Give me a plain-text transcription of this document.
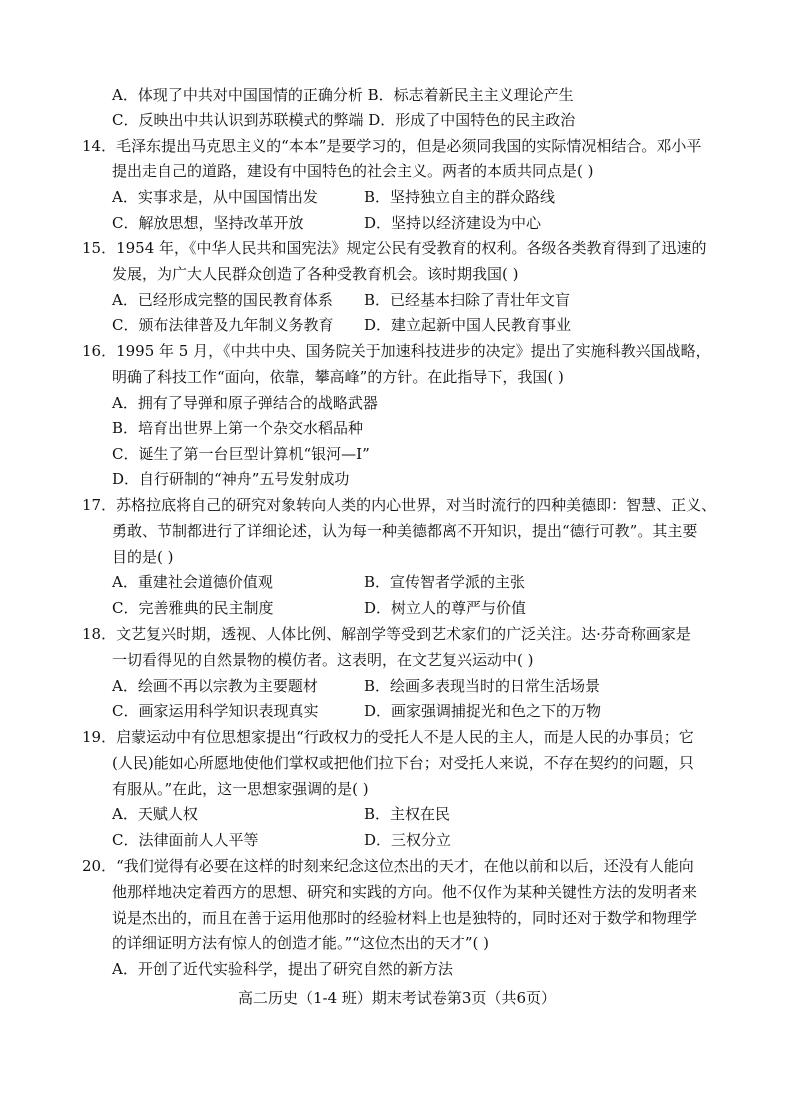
A．体现了中共对中国国情的正确分析 B．标志着新民主主义理论产生
C．反映出中共认识到苏联模式的弊端 D．形成了中国特色的民主政治
14．毛泽东提出马克思主义的“本本”是要学习的，但是必须同我国的实际情况相结合。邓小平
提出走自己的道路，建设有中国特色的社会主义。两者的本质共同点是( )
A．实事求是，从中国国情出发	B．坚持独立自主的群众路线
C．解放思想，坚持改革开放	D．坚持以经济建设为中心
15．1954 年，《中华人民共和国宪法》规定公民有受教育的权利。各级各类教育得到了迅速的
发展，为广大人民群众创造了各种受教育机会。该时期我国( )
A．已经形成完整的国民教育体系 B．已经基本扫除了青壮年文盲
C．颁布法律普及九年制义务教育 D．建立起新中国人民教育事业
16．1995 年 5 月，《中共中央、国务院关于加速科技进步的决定》提出了实施科教兴国战略，
明确了科技工作“面向，依靠，攀高峰”的方针。在此指导下，我国( )
A．拥有了导弹和原子弹结合的战略武器
B．培育出世界上第一个杂交水稻品种
C．诞生了第一台巨型计算机“银河—I”
D．自行研制的“神舟”五号发射成功
17．苏格拉底将自己的研究对象转向人类的内心世界，对当时流行的四种美德即：智慧、正义、
勇敢、节制都进行了详细论述，认为每一种美德都离不开知识，提出“德行可教”。其主要
目的是( )
A．重建社会道德价值观	B．宣传智者学派的主张
C．完善雅典的民主制度	D．树立人的尊严与价值
18．文艺复兴时期，透视、人体比例、解剖学等受到艺术家们的广泛关注。达·芬奇称画家是
一切看得见的自然景物的模仿者。这表明，在文艺复兴运动中( )
A．绘画不再以宗教为主要题材	B．绘画多表现当时的日常生活场景
C．画家运用科学知识表现真实	D．画家强调捕捉光和色之下的万物
19．启蒙运动中有位思想家提出“行政权力的受托人不是人民的主人，而是人民的办事员；它
(人民)能如心所愿地使他们掌权或把他们拉下台；对受托人来说，不存在契约的问题，只
有服从。”在此，这一思想家强调的是( )
A．天赋人权	B．主权在民
C．法律面前人人平等	D．三权分立
20．“我们觉得有必要在这样的时刻来纪念这位杰出的天才，在他以前和以后，还没有人能向
他那样地决定着西方的思想、研究和实践的方向。他不仅作为某种关键性方法的发明者来
说是杰出的，而且在善于运用他那时的经验材料上也是独特的，同时还对于数学和物理学
的详细证明方法有惊人的创造才能。”“这位杰出的天才”( )
A．开创了近代实验科学，提出了研究自然的新方法
高二历史（1-4 班）期末考试卷第3页（共6页）
